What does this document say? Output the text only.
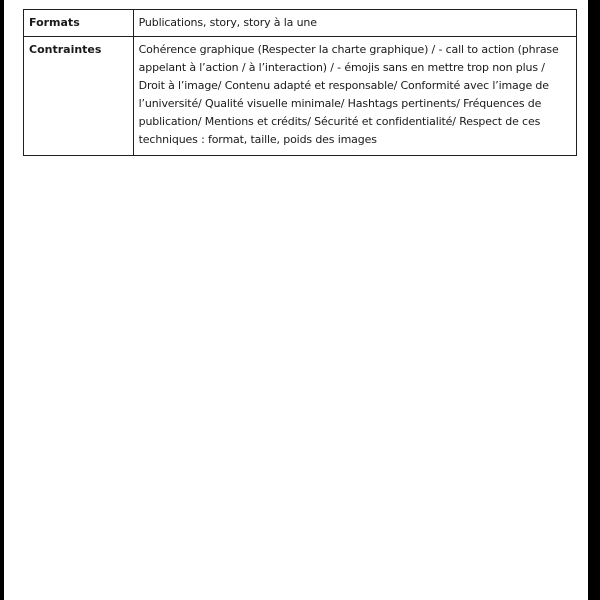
Formats	Publications, story, story à la une
Contraintes	Cohérence graphique (Respecter la charte graphique) / - call to action (phrase appelant à l’action / à l’interaction) / - émojis sans en mettre trop non plus / Droit à l’image/ Contenu adapté et responsable/ Conformité avec l’image de l’université/ Qualité visuelle minimale/ Hashtags pertinents/ Fréquences de publication/ Mentions et crédits/ Sécurité et confidentialité/ Respect de ces techniques : format, taille, poids des images
